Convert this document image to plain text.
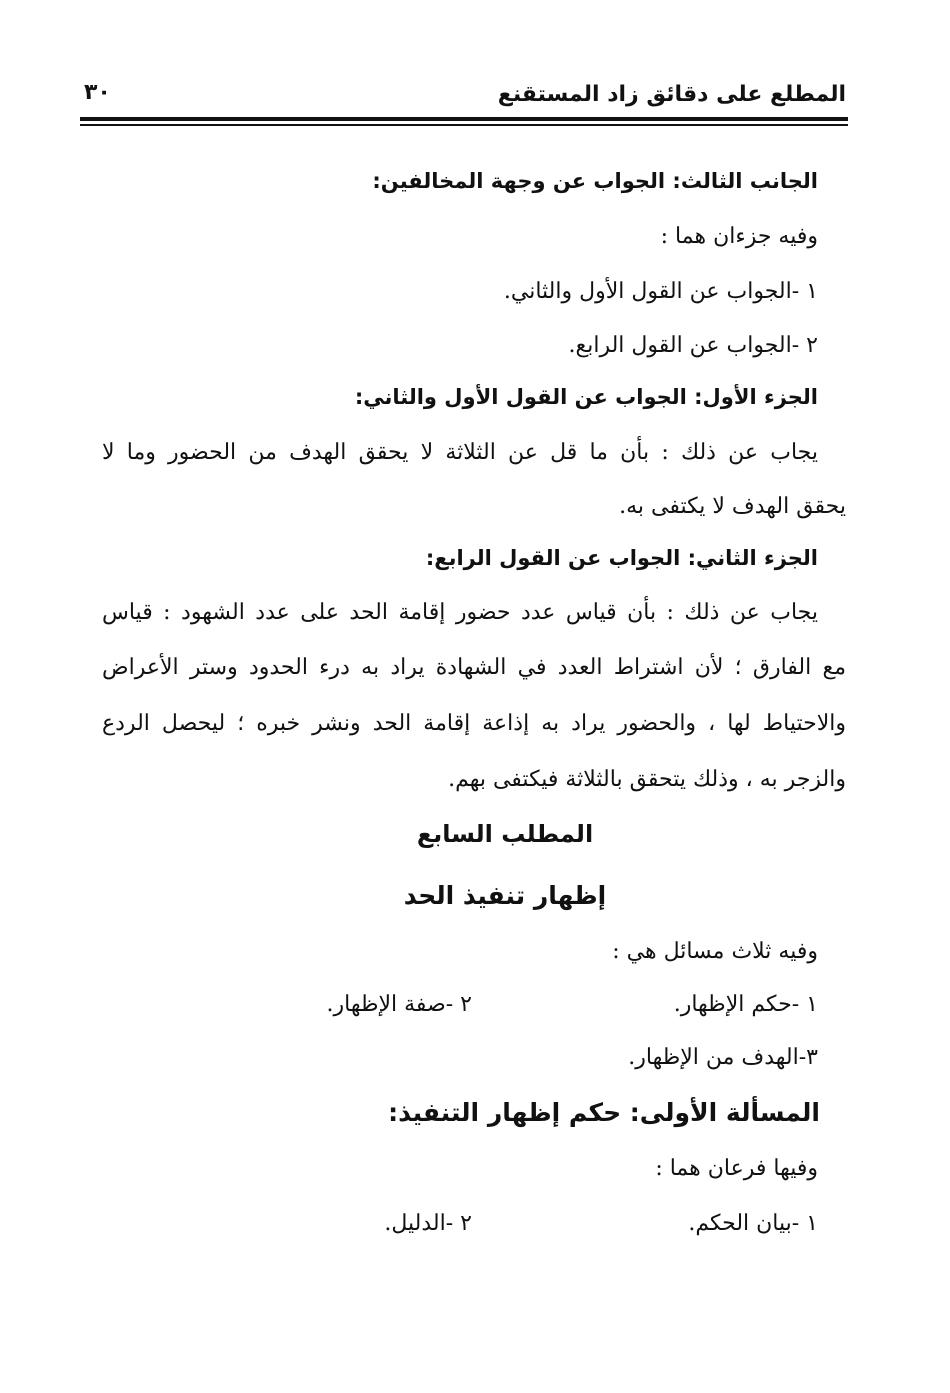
المطلع على دقائق زاد المستقنع
٣٠
الجانب الثالث: الجواب عن وجهة المخالفين:
وفيه جزءان هما :
١ -الجواب عن القول الأول والثاني.
٢ -الجواب عن القول الرابع.
الجزء الأول: الجواب عن القول الأول والثاني:
يجاب عن ذلك : بأن ما قل عن الثلاثة لا يحقق الهدف من الحضور وما لا
يحقق الهدف لا يكتفى به.
الجزء الثاني: الجواب عن القول الرابع:
يجاب عن ذلك : بأن قياس عدد حضور إقامة الحد على عدد الشهود : قياس
مع الفارق ؛ لأن اشتراط العدد في الشهادة يراد به درء الحدود وستر الأعراض
والاحتياط لها ، والحضور يراد به إذاعة إقامة الحد ونشر خبره ؛ ليحصل الردع
والزجر به ، وذلك يتحقق بالثلاثة فيكتفى بهم.
المطلب السابع
إظهار تنفيذ الحد
وفيه ثلاث مسائل هي :
١ -حكم الإظهار.
٢ -صفة الإظهار.
٣-الهدف من الإظهار.
المسألة الأولى: حكم إظهار التنفيذ:
وفيها فرعان هما :
١ -بيان الحكم.
٢ -الدليل.
